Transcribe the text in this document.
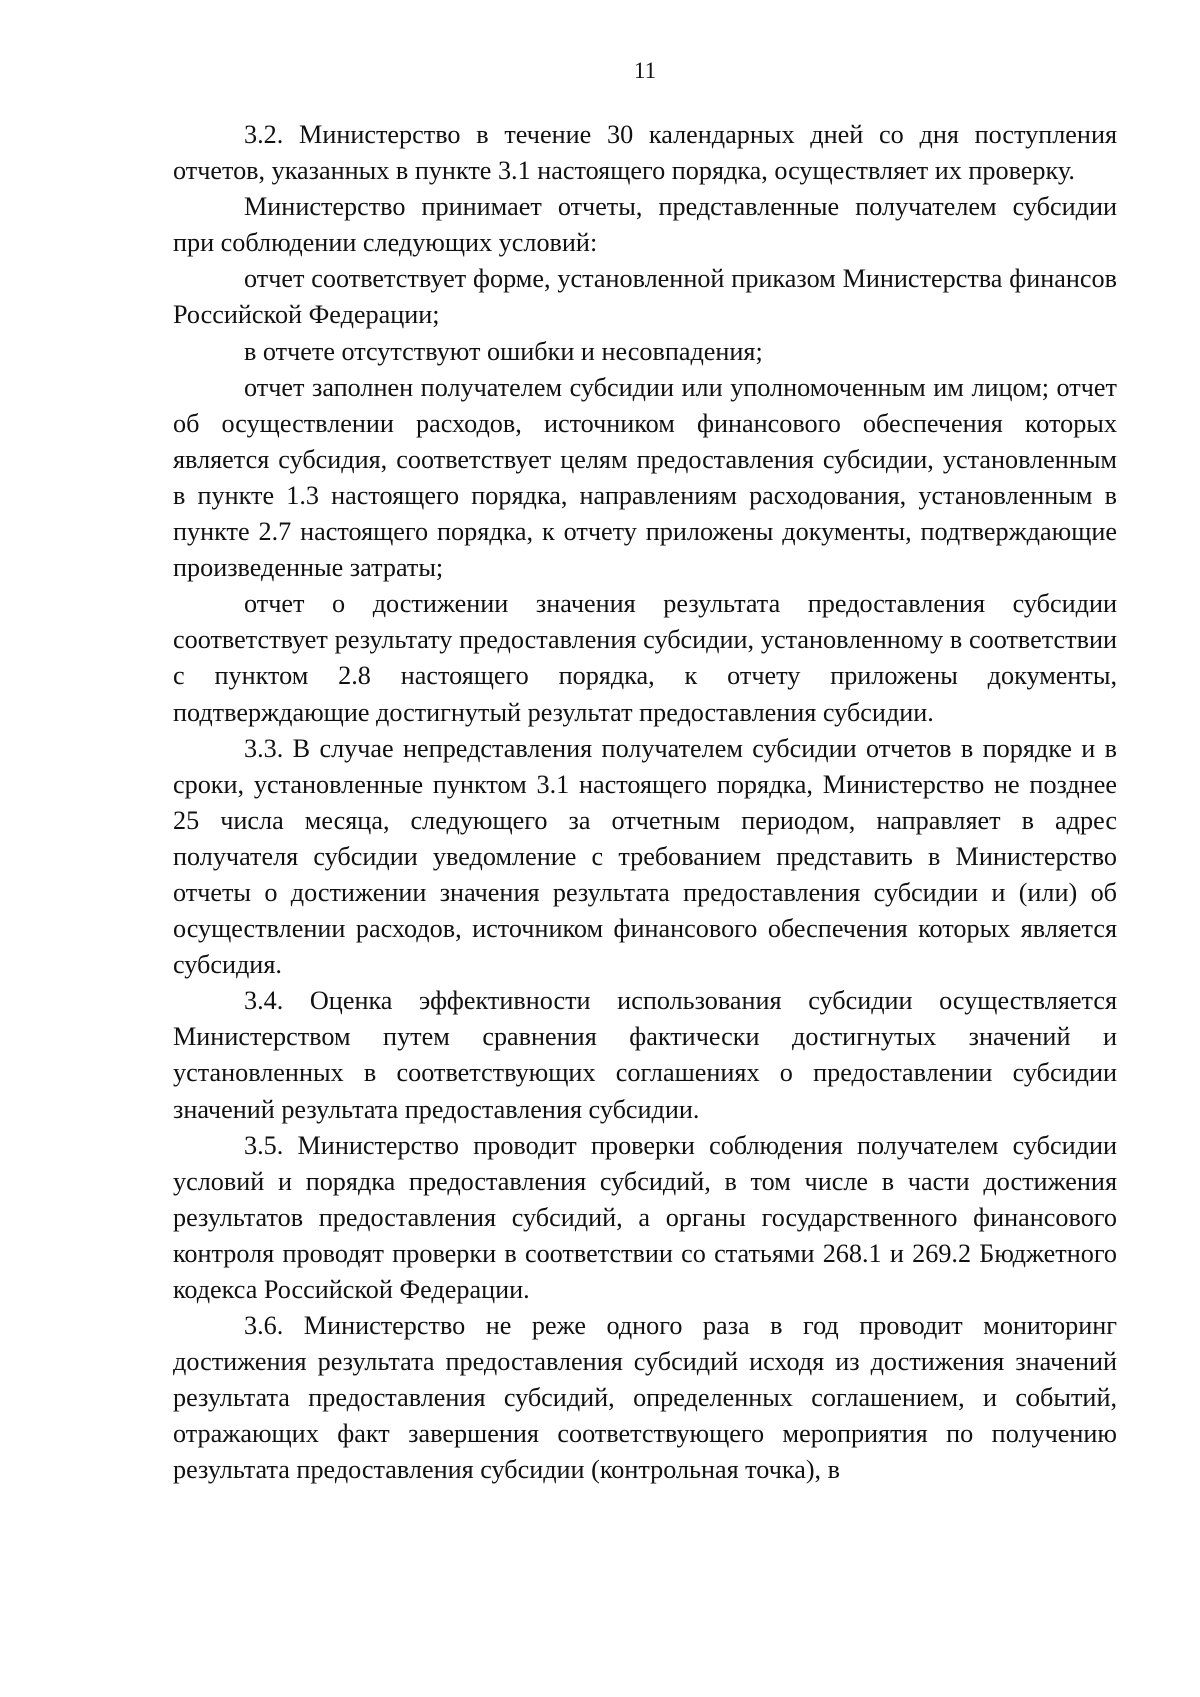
11

3.2. Министерство в течение 30 календарных дней со дня поступления отчетов, указанных в пункте 3.1 настоящего порядка, осуществляет их проверку.

Министерство принимает отчеты, представленные получателем субсидии при соблюдении следующих условий:

отчет соответствует форме, установленной приказом Министерства финансов Российской Федерации;

в отчете отсутствуют ошибки и несовпадения;

отчет заполнен получателем субсидии или уполномоченным им лицом; отчет об осуществлении расходов, источником финансового обеспечения которых является субсидия, соответствует целям предоставления субсидии, установленным в пункте 1.3 настоящего порядка, направлениям расходования, установленным в пункте 2.7 настоящего порядка, к отчету приложены документы, подтверждающие произведенные затраты;

отчет о достижении значения результата предоставления субсидии соответствует результату предоставления субсидии, установленному в соответствии с пунктом 2.8 настоящего порядка, к отчету приложены документы, подтверждающие достигнутый результат предоставления субсидии.

3.3. В случае непредставления получателем субсидии отчетов в порядке и в сроки, установленные пунктом 3.1 настоящего порядка, Министерство не позднее 25 числа месяца, следующего за отчетным периодом, направляет в адрес получателя субсидии уведомление с требованием представить в Министерство отчеты о достижении значения результата предоставления субсидии и (или) об осуществлении расходов, источником финансового обеспечения которых является субсидия.

3.4. Оценка эффективности использования субсидии осуществляется Министерством путем сравнения фактически достигнутых значений и установленных в соответствующих соглашениях о предоставлении субсидии значений результата предоставления субсидии.

3.5. Министерство проводит проверки соблюдения получателем субсидии условий и порядка предоставления субсидий, в том числе в части достижения результатов предоставления субсидий, а органы государственного финансового контроля проводят проверки в соответствии со статьями 268.1 и 269.2 Бюджетного кодекса Российской Федерации.

3.6. Министерство не реже одного раза в год проводит мониторинг достижения результата предоставления субсидий исходя из достижения значений результата предоставления субсидий, определенных соглашением, и событий, отражающих факт завершения соответствующего мероприятия по получению результата предоставления субсидии (контрольная точка), в
